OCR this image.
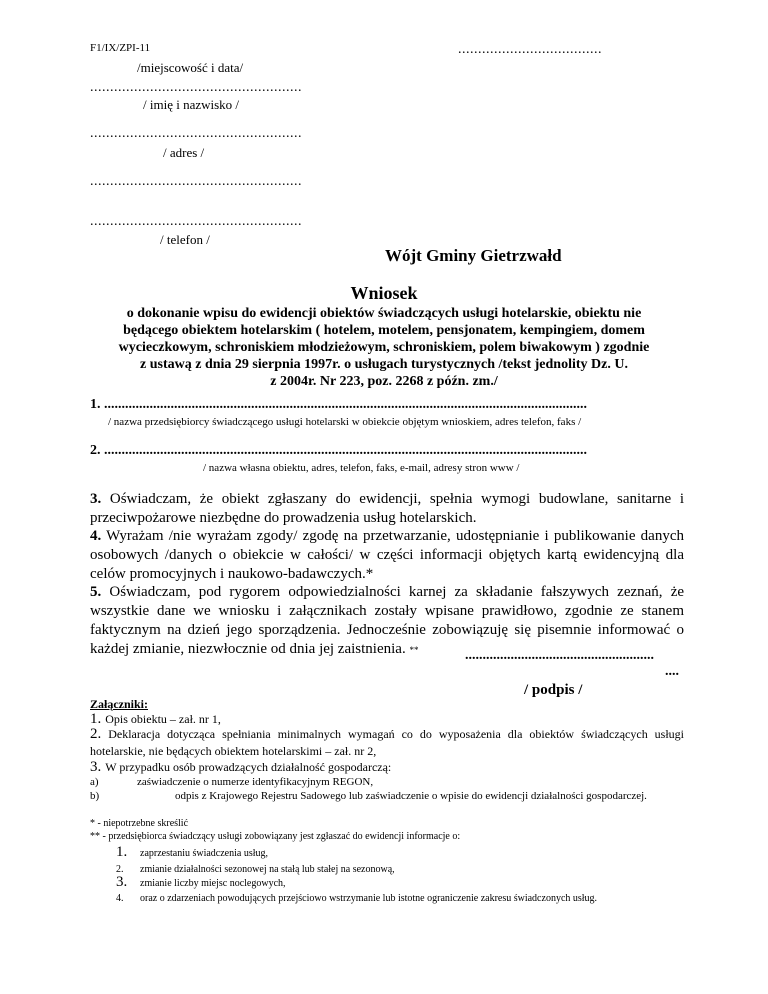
F1/IX/ZPI-11	....................................
/miejscowość i data/
.....................................................
/ imię i nazwisko /
.....................................................
/ adres /
.....................................................
.....................................................
/ telefon /
Wójt Gminy Gietrzwałd
Wniosek
o dokonanie wpisu do ewidencji obiektów świadczących usługi hotelarskie, obiektu nie
będącego obiektem hotelarskim ( hotelem, motelem, pensjonatem, kempingiem, domem
wycieczkowym, schroniskiem młodzieżowym, schroniskiem, polem biwakowym ) zgodnie
z ustawą z dnia 29 sierpnia 1997r. o usługach turystycznych /tekst jednolity Dz. U.
z 2004r. Nr 223, poz. 2268 z późn. zm./
1. ..........................................................................................................................................
/ nazwa przedsiębiorcy świadczącego usługi hotelarski w obiekcie objętym wnioskiem, adres telefon, faks /
2. ..........................................................................................................................................
/ nazwa własna obiektu, adres, telefon, faks, e-mail, adresy stron www /
3. Oświadczam, że obiekt zgłaszany do ewidencji, spełnia wymogi budowlane, sanitarne i przeciwpożarowe niezbędne do prowadzenia usług hotelarskich.
4. Wyrażam /nie wyrażam zgody/ zgodę na przetwarzanie, udostępnianie i publikowanie danych osobowych /danych o obiekcie w całości/ w części informacji objętych kartą ewidencyjną dla celów promocyjnych i naukowo-badawczych.*
5. Oświadczam, pod rygorem odpowiedzialności karnej za składanie fałszywych zeznań, że wszystkie dane we wniosku i załącznikach zostały wpisane prawidłowo, zgodnie ze stanem faktycznym na dzień jego sporządzenia. Jednocześnie zobowiązuję się pisemnie informować o każdej zmianie, niezwłocznie od dnia jej zaistnienia. **	......................................................
....
/ podpis /
Załączniki:
1. Opis obiektu – zał. nr 1,
2. Deklaracja dotycząca spełniania minimalnych wymagań co do wyposażenia dla obiektów świadczących usługi hotelarskie, nie będących obiektem hotelarskimi – zał. nr 2,
3. W przypadku osób prowadzących działalność gospodarczą:
a)	zaświadczenie o numerze identyfikacyjnym REGON,
b)	odpis z Krajowego Rejestru Sadowego lub zaświadczenie o wpisie do ewidencji działalności gospodarczej.
* - niepotrzebne skreślić
** - przedsiębiorca świadczący usługi zobowiązany jest zgłaszać do ewidencji informacje o:
1. zaprzestaniu świadczenia usług,
2. zmianie działalności sezonowej na stałą lub stałej na sezonową,
3. zmianie liczby miejsc noclegowych,
4. oraz o zdarzeniach powodujących przejściowo wstrzymanie lub istotne ograniczenie zakresu świadczonych usług.
